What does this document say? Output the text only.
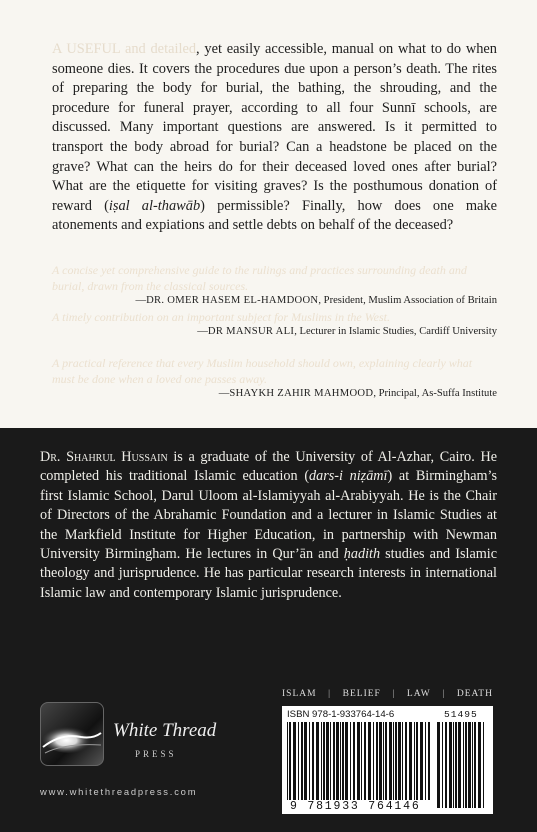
A USEFUL and detailed, yet easily accessible, manual on what to do when someone dies. It covers the procedures due upon a person’s death. The rites of preparing the body for burial, the bathing, the shrouding, and the procedure for funeral prayer, according to all four Sunnī schools, are discussed. Many important questions are answered. Is it permitted to transport the body abroad for burial? Can a headstone be placed on the grave? What can the heirs do for their deceased loved ones after burial? What are the etiquette for visiting graves? Is the posthumous donation of reward (iṣal al-thawāb) permissible? Finally, how does one make atonements and expiations and settle debts on behalf of the deceased?

A concise yet comprehensive guide to the rulings and practices surrounding death and burial, drawn from the classical sources.
—DR. OMER HASEM EL-HAMDOON, President, Muslim Association of Britain
A timely contribution on an important subject for Muslims in the West.
—DR MANSUR ALI, Lecturer in Islamic Studies, Cardiff University
A practical reference that every Muslim household should own, explaining clearly what must be done when a loved one passes away.
—SHAYKH ZAHIR MAHMOOD, Principal, As-Suffa Institute

Dr. Shahrul Hussain is a graduate of the University of Al-Azhar, Cairo. He completed his traditional Islamic education (dars-i niẓāmī) at Birmingham’s first Islamic School, Darul Uloom al-Islamiyyah al-Arabiyyah. He is the Chair of Directors of the Abrahamic Foundation and a lecturer in Islamic Studies at the Markfield Institute for Higher Education, in partnership with Newman University Birmingham. He lectures in Qur’ān and ḥadith studies and Islamic theology and jurisprudence. He has particular research interests in international Islamic law and contemporary Islamic jurisprudence.

ISLAM | BELIEF | LAW | DEATH
White Thread
PRESS
www.whitethreadpress.com
ISBN 978-1-933764-14-6	51495
9 781933 764146
